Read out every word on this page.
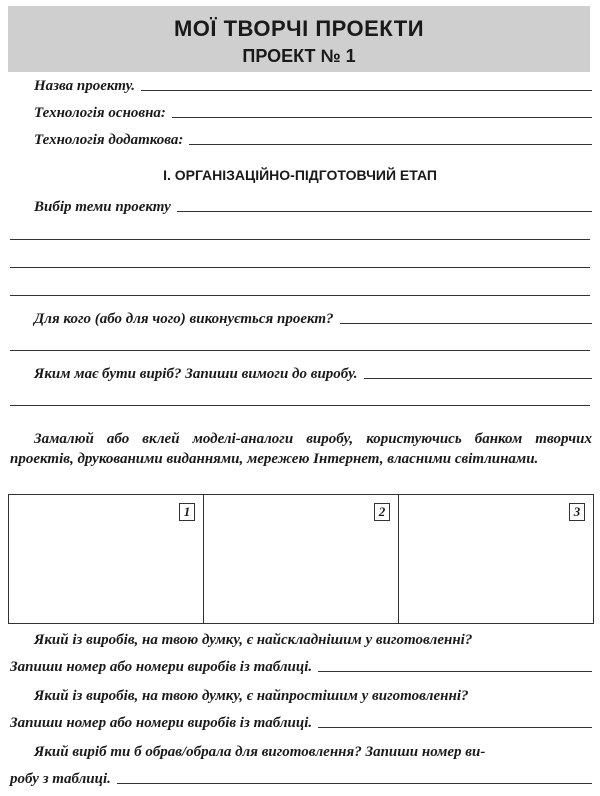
МОЇ ТВОРЧІ ПРОЕКТИ
ПРОЕКТ № 1
Назва проекту.
Технологія основна:
Технологія додаткова:
І. ОРГАНІЗАЦІЙНО-ПІДГОТОВЧИЙ ЕТАП
Вибір теми проекту
Для кого (або для чого) виконується проект?
Яким має бути виріб? Запиши вимоги до виробу.
Замалюй або вклей моделі-аналоги виробу, користуючись банком творчих проектів, друкованими виданнями, мережею Інтернет, власними світлинами.
1	2	3
Який із виробів, на твою думку, є найскладнішим у виготовленні?
Запиши номер або номери виробів із таблиці.
Який із виробів, на твою думку, є найпростішим у виготовленні?
Запиши номер або номери виробів із таблиці.
Який виріб ти б обрав/обрала для виготовлення? Запиши номер ви-
робу з таблиці.
